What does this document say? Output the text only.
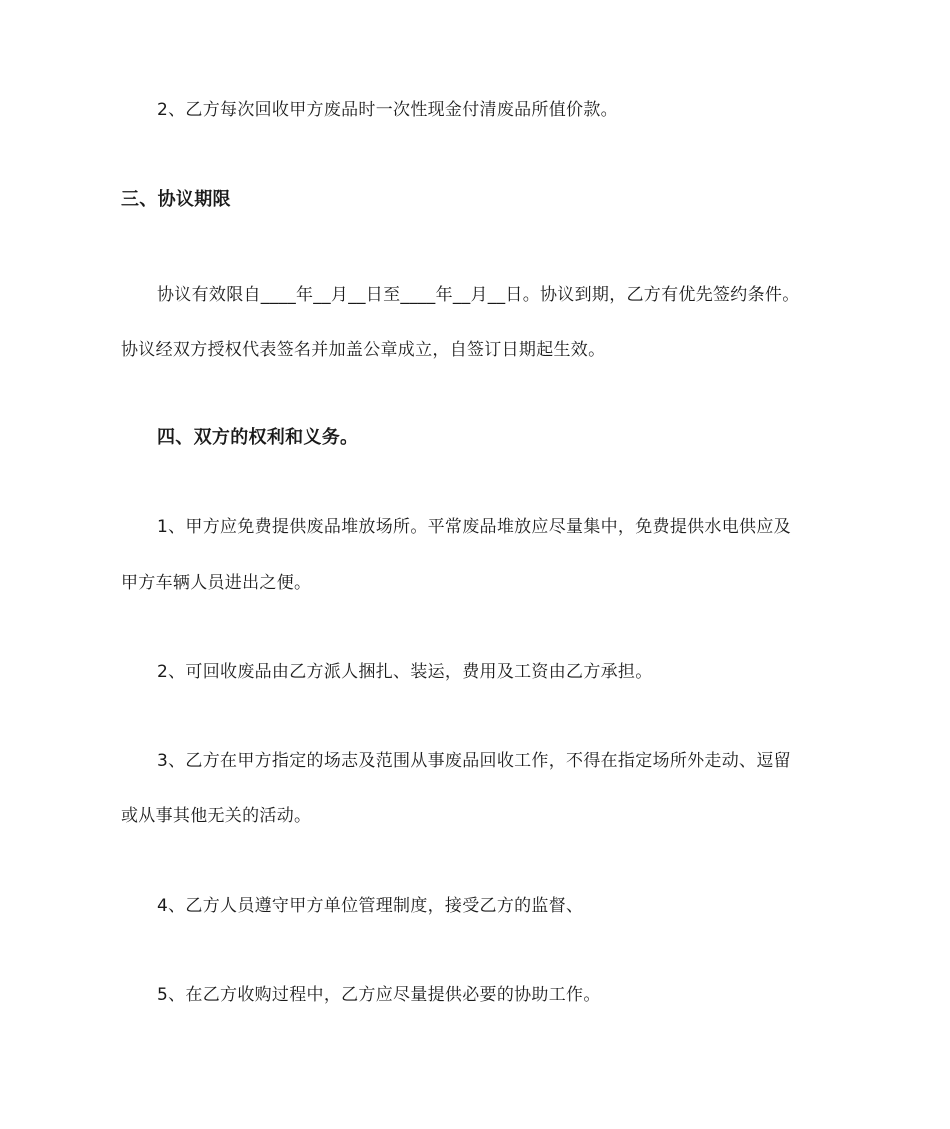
2、乙方每次回收甲方废品时一次性现金付清废品所值价款。
三、协议期限
协议有效限自____年__月__日至____年__月__日。协议到期，乙方有优先签约条件。
协议经双方授权代表签名并加盖公章成立，自签订日期起生效。
四、双方的权利和义务。
1、甲方应免费提供废品堆放场所。平常废品堆放应尽量集中，免费提供水电供应及
甲方车辆人员进出之便。
2、可回收废品由乙方派人捆扎、装运，费用及工资由乙方承担。
3、乙方在甲方指定的场志及范围从事废品回收工作，不得在指定场所外走动、逗留
或从事其他无关的活动。
4、乙方人员遵守甲方单位管理制度，接受乙方的监督、
5、在乙方收购过程中，乙方应尽量提供必要的协助工作。
